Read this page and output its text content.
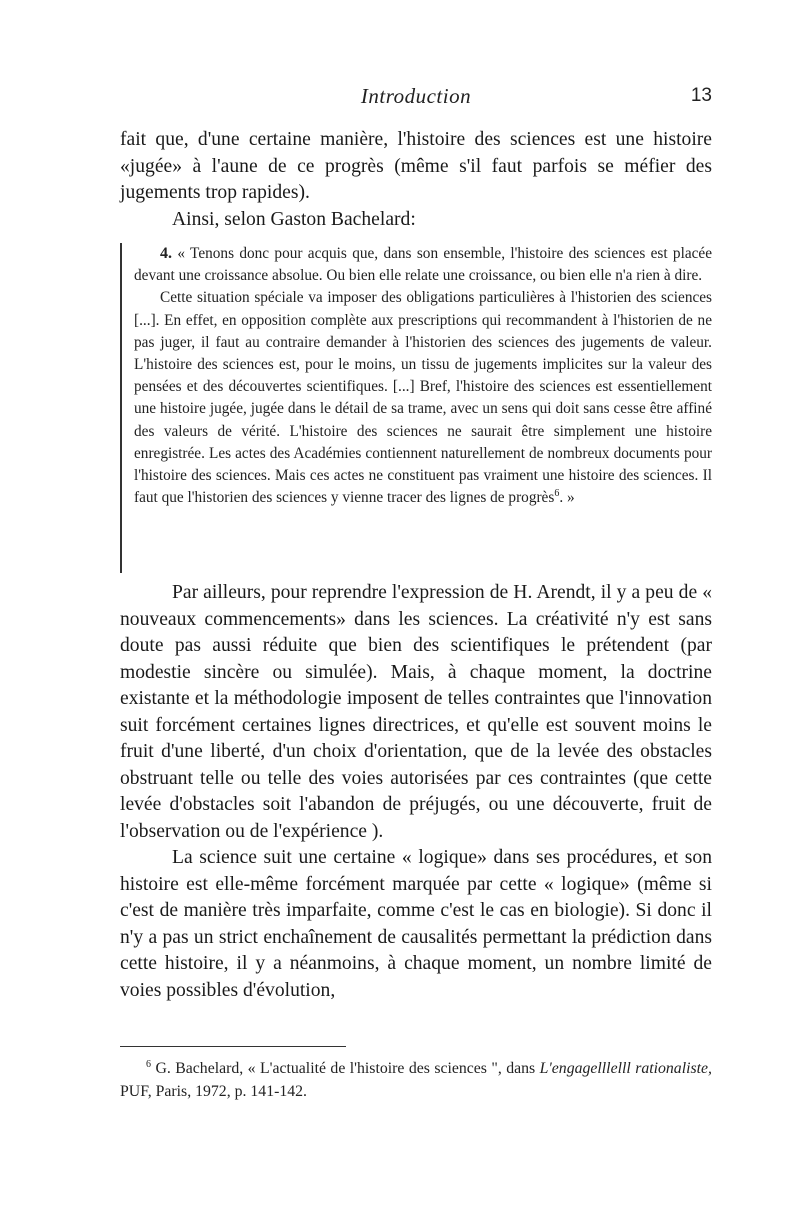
Introduction	13

fait que, d'une certaine manière, l'histoire des sciences est une histoire «jugée» à l'aune de ce progrès (même s'il faut parfois se méfier des jugements trop rapides).

Ainsi, selon Gaston Bachelard:

4. « Tenons donc pour acquis que, dans son ensemble, l'histoire des sciences est placée devant une croissance absolue. Ou bien elle relate une croissance, ou bien elle n'a rien à dire.

Cette situation spéciale va imposer des obligations particulières à l'historien des sciences [...]. En effet, en opposition complète aux prescriptions qui recommandent à l'historien de ne pas juger, il faut au contraire demander à l'historien des sciences des jugements de valeur. L'histoire des sciences est, pour le moins, un tissu de jugements implicites sur la valeur des pensées et des découvertes scientifiques. [...] Bref, l'histoire des sciences est essentiellement une histoire jugée, jugée dans le détail de sa trame, avec un sens qui doit sans cesse être affiné des valeurs de vérité. L'histoire des sciences ne saurait être simplement une histoire enregistrée. Les actes des Académies contiennent naturellement de nombreux documents pour l'histoire des sciences. Mais ces actes ne constituent pas vraiment une histoire des sciences. Il faut que l'historien des sciences y vienne tracer des lignes de progrès$^6$. »

Par ailleurs, pour reprendre l'expression de H. Arendt, il y a peu de « nouveaux commencements» dans les sciences. La créativité n'y est sans doute pas aussi réduite que bien des scientifiques le prétendent (par modestie sincère ou simulée). Mais, à chaque moment, la doctrine existante et la méthodologie imposent de telles contraintes que l'innovation suit forcément certaines lignes directrices, et qu'elle est souvent moins le fruit d'une liberté, d'un choix d'orientation, que de la levée des obstacles obstruant telle ou telle des voies autorisées par ces contraintes (que cette levée d'obstacles soit l'abandon de préjugés, ou une découverte, fruit de l'observation ou de l'expérience ).

La science suit une certaine « logique» dans ses procédures, et son histoire est elle-même forcément marquée par cette « logique» (même si c'est de manière très imparfaite, comme c'est le cas en biologie). Si donc il n'y a pas un strict enchaînement de causalités permettant la prédiction dans cette histoire, il y a néanmoins, à chaque moment, un nombre limité de voies possibles d'évolution,

$^6$ G. Bachelard, « L'actualité de l'histoire des sciences ", dans L'engagelllelll rationaliste, PUF, Paris, 1972, p. 141-142.
